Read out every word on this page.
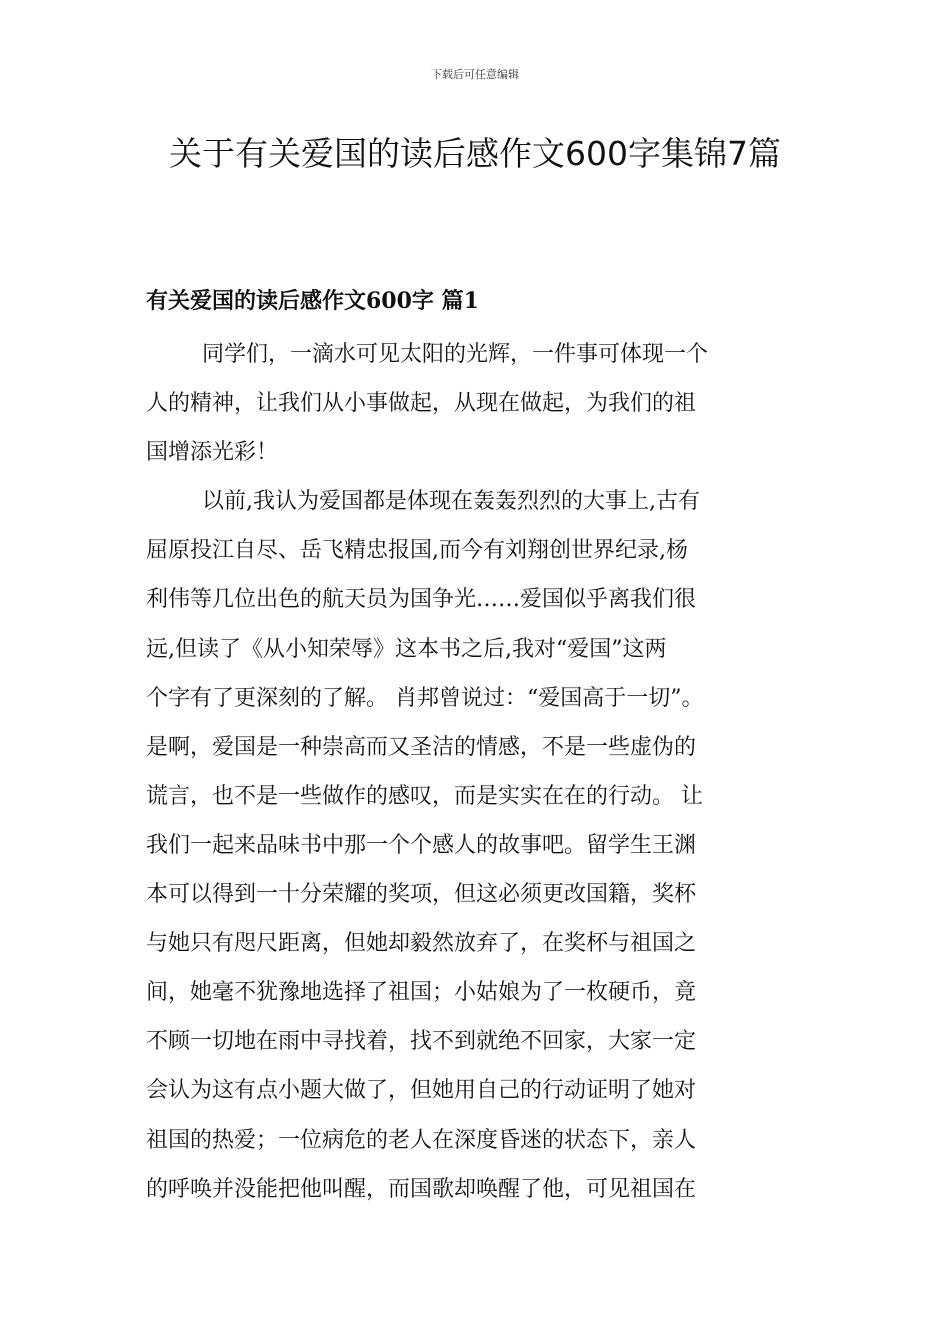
下载后可任意编辑
关于有关爱国的读后感作文600字集锦7篇
有关爱国的读后感作文600字 篇1
同学们，一滴水可见太阳的光辉，一件事可体现一个
人的精神，让我们从小事做起，从现在做起，为我们的祖
国增添光彩！
以前,我认为爱国都是体现在轰轰烈烈的大事上,古有
屈原投江自尽、岳飞精忠报国,而今有刘翔创世界纪录,杨
利伟等几位出色的航天员为国争光……爱国似乎离我们很
远,但读了《从小知荣辱》这本书之后,我对“爱国”这两
个字有了更深刻的了解。 肖邦曾说过：“爱国高于一切”。
是啊，爱国是一种崇高而又圣洁的情感，不是一些虚伪的
谎言，也不是一些做作的感叹，而是实实在在的行动。 让
我们一起来品味书中那一个个感人的故事吧。留学生王渊
本可以得到一十分荣耀的奖项，但这必须更改国籍，奖杯
与她只有咫尺距离，但她却毅然放弃了，在奖杯与祖国之
间，她毫不犹豫地选择了祖国；小姑娘为了一枚硬币，竟
不顾一切地在雨中寻找着，找不到就绝不回家，大家一定
会认为这有点小题大做了，但她用自己的行动证明了她对
祖国的热爱；一位病危的老人在深度昏迷的状态下，亲人
的呼唤并没能把他叫醒，而国歌却唤醒了他，可见祖国在
